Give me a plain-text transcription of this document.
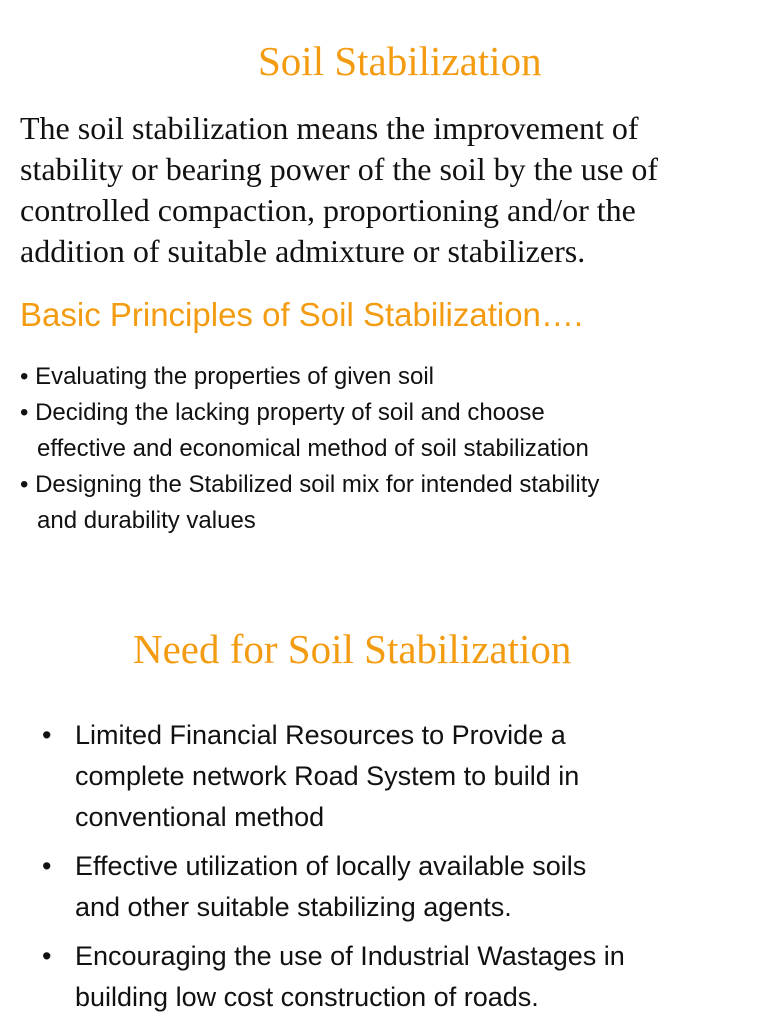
Soil Stabilization

The soil stabilization means the improvement of
stability or bearing power of the soil by the use of
controlled compaction, proportioning and/or the
addition of suitable admixture or stabilizers.

Basic Principles of Soil Stabilization….
• Evaluating the properties of given soil
• Deciding the lacking property of soil and choose
effective and economical method of soil stabilization
• Designing the Stabilized soil mix for intended stability
and durability values
Need for Soil Stabilization
• Limited Financial Resources to Provide a
complete network Road System to build in
conventional method
• Effective utilization of locally available soils
and other suitable stabilizing agents.
• Encouraging the use of Industrial Wastages in
building low cost construction of roads.
